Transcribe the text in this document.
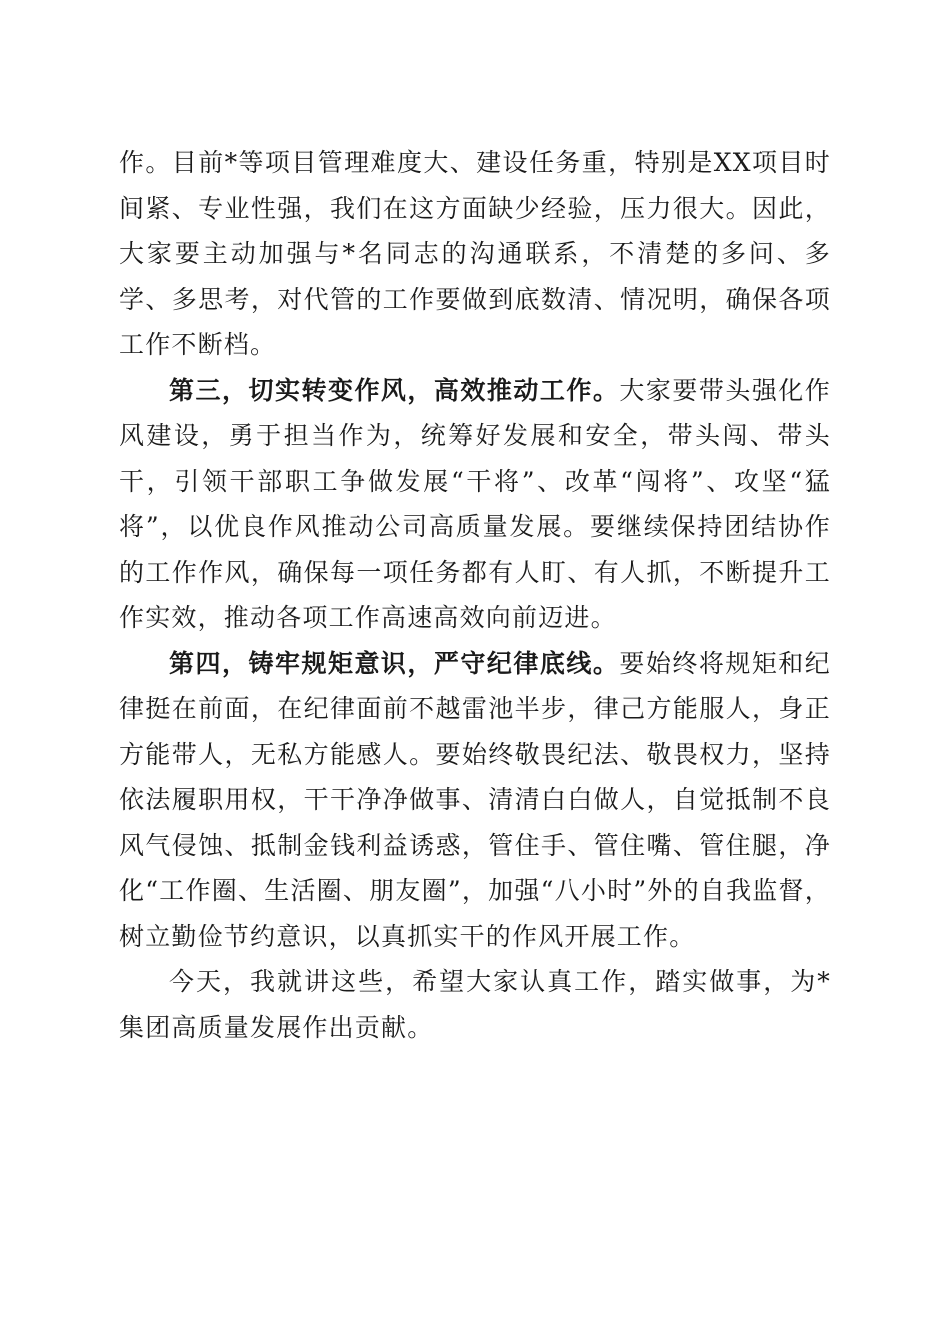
作。目前*等项目管理难度大、建设任务重，特别是XX项目时间紧、专业性强，我们在这方面缺少经验，压力很大。因此，大家要主动加强与*名同志的沟通联系，不清楚的多问、多学、多思考，对代管的工作要做到底数清、情况明，确保各项工作不断档。

第三，切实转变作风，高效推动工作。大家要带头强化作风建设，勇于担当作为，统筹好发展和安全，带头闯、带头干，引领干部职工争做发展“干将”、改革“闯将”、攻坚“猛将”，以优良作风推动公司高质量发展。要继续保持团结协作的工作作风，确保每一项任务都有人盯、有人抓，不断提升工作实效，推动各项工作高速高效向前迈进。

第四，铸牢规矩意识，严守纪律底线。要始终将规矩和纪律挺在前面，在纪律面前不越雷池半步，律己方能服人，身正方能带人，无私方能感人。要始终敬畏纪法、敬畏权力，坚持依法履职用权，干干净净做事、清清白白做人，自觉抵制不良风气侵蚀、抵制金钱利益诱惑，管住手、管住嘴、管住腿，净化“工作圈、生活圈、朋友圈”，加强“八小时”外的自我监督，树立勤俭节约意识，以真抓实干的作风开展工作。

今天，我就讲这些，希望大家认真工作，踏实做事，为*集团高质量发展作出贡献。
